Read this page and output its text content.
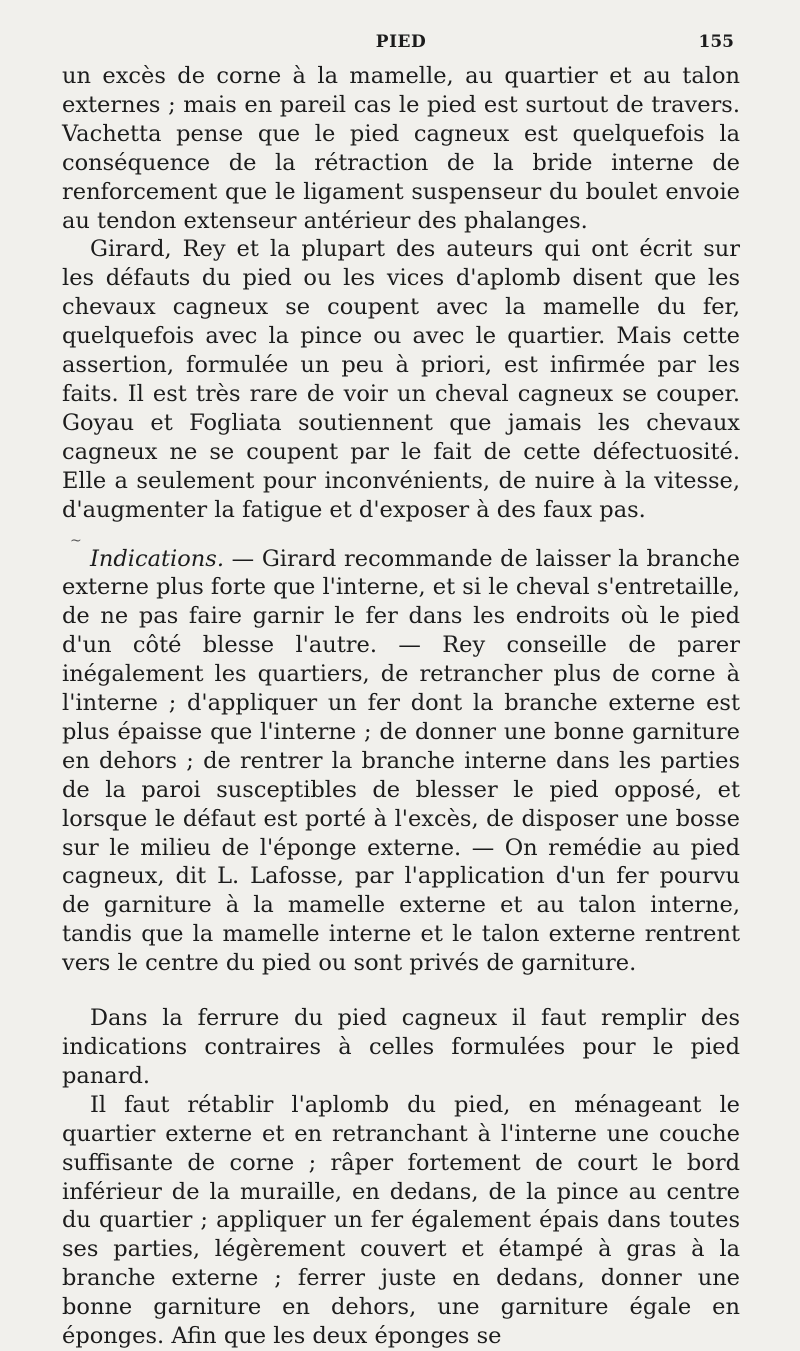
PIED	155

un excès de corne à la mamelle, au quartier et au talon externes ; mais en pareil cas le pied est surtout de travers. Vachetta pense que le pied cagneux est quelquefois la conséquence de la rétraction de la bride interne de renforcement que le ligament suspenseur du boulet envoie au tendon extenseur antérieur des phalanges.

Girard, Rey et la plupart des auteurs qui ont écrit sur les défauts du pied ou les vices d'aplomb disent que les chevaux cagneux se coupent avec la mamelle du fer, quelquefois avec la pince ou avec le quartier. Mais cette assertion, formulée un peu à priori, est infirmée par les faits. Il est très rare de voir un cheval cagneux se couper. Goyau et Fogliata soutiennent que jamais les chevaux cagneux ne se coupent par le fait de cette défectuosité. Elle a seulement pour inconvénients, de nuire à la vitesse, d'augmenter la fatigue et d'exposer à des faux pas.

~

Indications. — Girard recommande de laisser la branche externe plus forte que l'interne, et si le cheval s'entretaille, de ne pas faire garnir le fer dans les endroits où le pied d'un côté blesse l'autre. — Rey conseille de parer inégalement les quartiers, de retrancher plus de corne à l'interne ; d'appliquer un fer dont la branche externe est plus épaisse que l'interne ; de donner une bonne garniture en dehors ; de rentrer la branche interne dans les parties de la paroi susceptibles de blesser le pied opposé, et lorsque le défaut est porté à l'excès, de disposer une bosse sur le milieu de l'éponge externe. — On remédie au pied cagneux, dit L. Lafosse, par l'application d'un fer pourvu de garniture à la mamelle externe et au talon interne, tandis que la mamelle interne et le talon externe rentrent vers le centre du pied ou sont privés de garniture.

Dans la ferrure du pied cagneux il faut remplir des indications contraires à celles formulées pour le pied panard.

Il faut rétablir l'aplomb du pied, en ménageant le quartier externe et en retranchant à l'interne une couche suffisante de corne ; râper fortement de court le bord inférieur de la muraille, en dedans, de la pince au centre du quartier ; appliquer un fer également épais dans toutes ses parties, légèrement couvert et étampé à gras à la branche externe ; ferrer juste en dedans, donner une bonne garniture en dehors, une garniture égale en éponges. Afin que les deux éponges se
